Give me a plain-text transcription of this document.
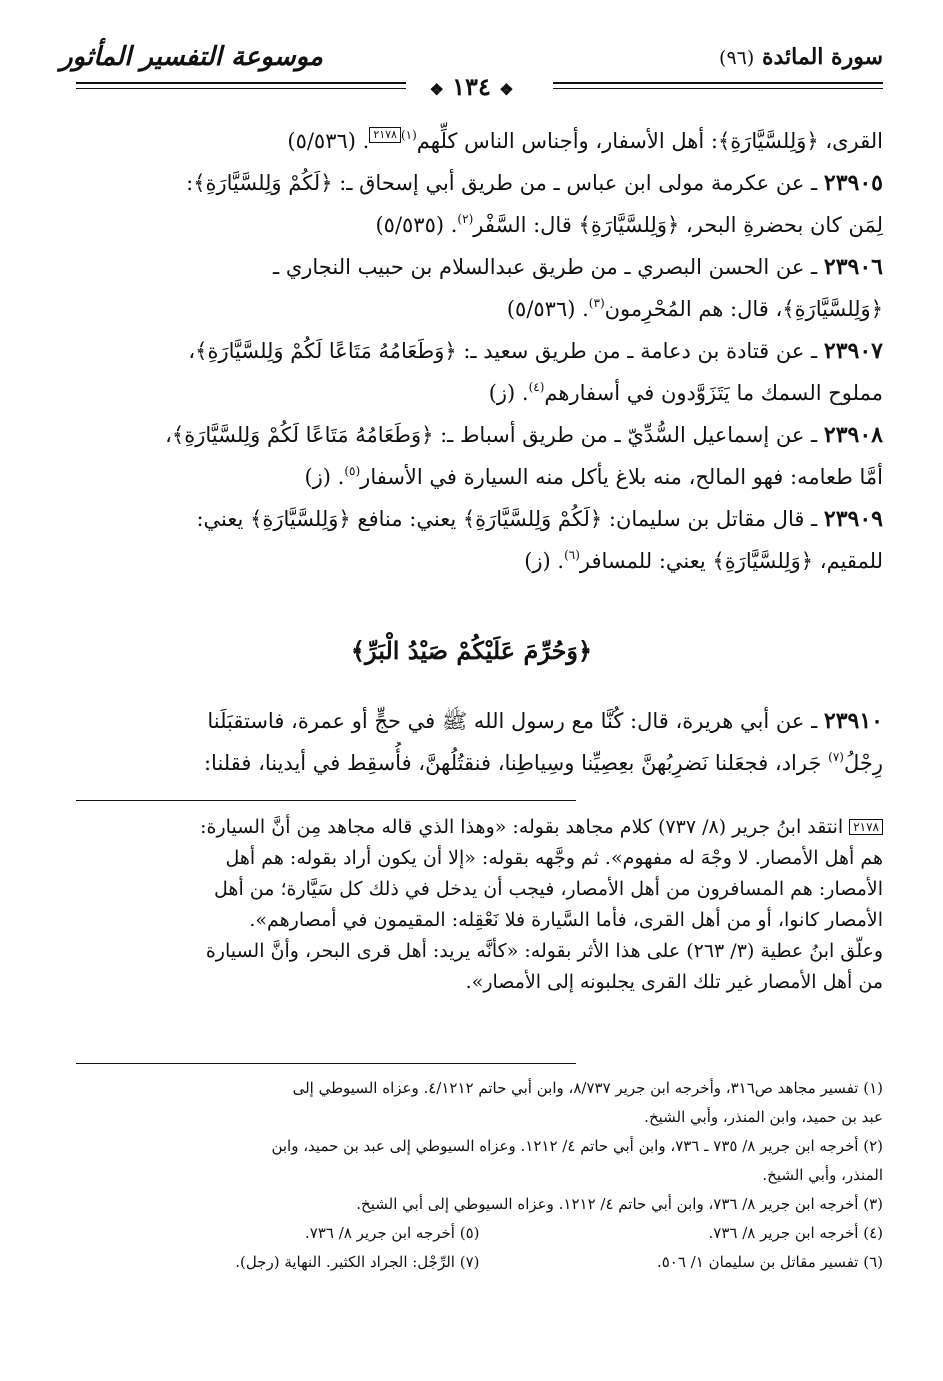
سورة المائدة (٩٦)
موسوعة التفسير المأثور
❖ ١٣٤ ❖
القرى، ﴿وَلِلسَّيَّارَةِ﴾: أهل الأسفار، وأجناس الناس كلِّهم$^{(١)}$٢١٧٨. (٥/٥٣٦)
٢٣٩٠٥ ـ عن عكرمة مولى ابن عباس ـ من طريق أبي إسحاق ـ: ﴿لَكُمْ وَلِلسَّيَّارَةِ﴾:
لِمَن كان بحضرةِ البحر، ﴿وَلِلسَّيَّارَةِ﴾ قال: السَّفْر$^{(٢)}$. (٥/٥٣٥)
٢٣٩٠٦ ـ عن الحسن البصري ـ من طريق عبدالسلام بن حبيب النجاري ـ
﴿وَلِلسَّيَّارَةِ﴾، قال: هم المُحْرِمون$^{(٣)}$. (٥/٥٣٦)
٢٣٩٠٧ ـ عن قتادة بن دعامة ـ من طريق سعيد ـ: ﴿وَطَعَامُهُ مَتَاعًا لَكُمْ وَلِلسَّيَّارَةِ﴾،
مملوح السمك ما يَتَزَوَّدون في أسفارهم$^{(٤)}$. (ز)
٢٣٩٠٨ ـ عن إسماعيل السُّدِّيّ ـ من طريق أسباط ـ: ﴿وَطَعَامُهُ مَتَاعًا لَكُمْ وَلِلسَّيَّارَةِ﴾،
أمَّا طعامه: فهو المالح، منه بلاغ يأكل منه السيارة في الأسفار$^{(٥)}$. (ز)
٢٣٩٠٩ ـ قال مقاتل بن سليمان: ﴿لَكُمْ وَلِلسَّيَّارَةِ﴾ يعني: منافع ﴿وَلِلسَّيَّارَةِ﴾ يعني:
للمقيم، ﴿وَلِلسَّيَّارَةِ﴾ يعني: للمسافر$^{(٦)}$. (ز)
﴿وَحُرِّمَ عَلَيْكُمْ صَيْدُ الْبَرِّ﴾
٢٣٩١٠ ـ عن أبي هريرة، قال: كُنَّا مع رسول الله ﷺ في حجٍّ أو عمرة، فاستقبَلَنا
رِجْلُ$^{(٧)}$ جَراد، فجعَلنا نَضرِبُهنَّ بعِصِيِّنا وسِياطِنا، فنقتُلُهنَّ، فأُسقِط في أيدينا، فقلنا:
٢١٧٨ انتقد ابنُ جرير (٨/ ٧٣٧) كلام مجاهد بقوله: «وهذا الذي قاله مجاهد مِن أنَّ السيارة:
هم أهل الأمصار. لا وجْهَ له مفهوم». ثم وجَّهه بقوله: «إلا أن يكون أراد بقوله: هم أهل
الأمصار: هم المسافرون من أهل الأمصار، فيجب أن يدخل في ذلك كل سَيَّارة؛ من أهل
الأمصار كانوا، أو من أهل القرى، فأما السَّيارة فلا نَعْقِله: المقيمون في أمصارهم».
وعلَّق ابنُ عطية (٣/ ٢٦٣) على هذا الأثر بقوله: «كأنَّه يريد: أهل قرى البحر، وأنَّ السيارة
من أهل الأمصار غير تلك القرى يجلبونه إلى الأمصار».
(١) تفسير مجاهد ص٣١٦، وأخرجه ابن جرير ٨/٧٣٧، وابن أبي حاتم ٤/١٢١٢. وعزاه السيوطي إلى
عبد بن حميد، وابن المنذر، وأبي الشيخ.
(٢) أخرجه ابن جرير ٨/ ٧٣٥ ـ ٧٣٦، وابن أبي حاتم ٤/ ١٢١٢. وعزاه السيوطي إلى عبد بن حميد، وابن
المنذر، وأبي الشيخ.
(٣) أخرجه ابن جرير ٨/ ٧٣٦، وابن أبي حاتم ٤/ ١٢١٢. وعزاه السيوطي إلى أبي الشيخ.
(٤) أخرجه ابن جرير ٨/ ٧٣٦.
(٥) أخرجه ابن جرير ٨/ ٧٣٦.
(٦) تفسير مقاتل بن سليمان ١/ ٥٠٦.
(٧) الرِّجْل: الجراد الكثير. النهاية (رجل).
